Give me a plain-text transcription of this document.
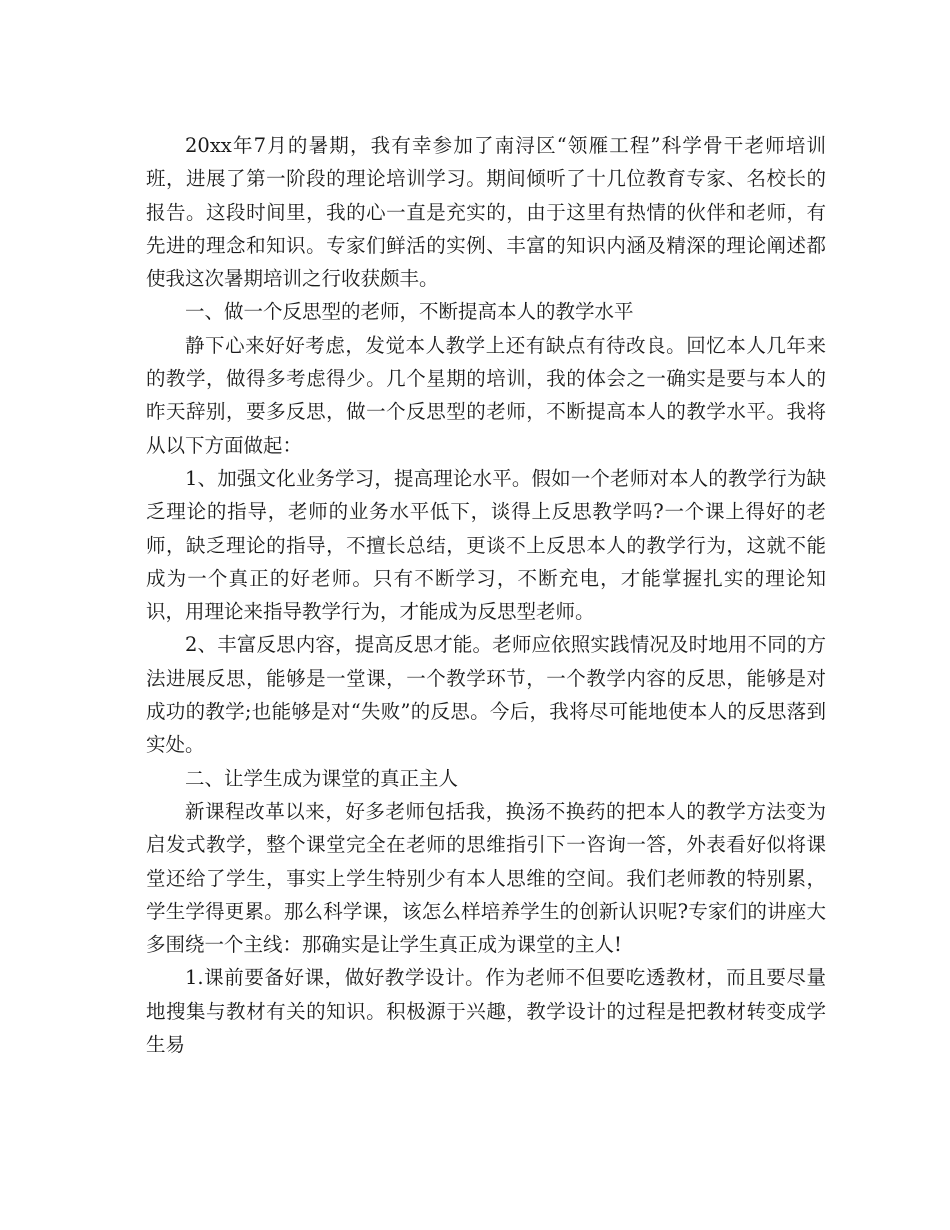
20xx年7月的暑期，我有幸参加了南浔区“领雁工程”科学骨干老师培训班，进展了第一阶段的理论培训学习。期间倾听了十几位教育专家、名校长的报告。这段时间里，我的心一直是充实的，由于这里有热情的伙伴和老师，有先进的理念和知识。专家们鲜活的实例、丰富的知识内涵及精深的理论阐述都使我这次暑期培训之行收获颇丰。

一、做一个反思型的老师，不断提高本人的教学水平

静下心来好好考虑，发觉本人教学上还有缺点有待改良。回忆本人几年来的教学，做得多考虑得少。几个星期的培训，我的体会之一确实是要与本人的昨天辞别，要多反思，做一个反思型的老师，不断提高本人的教学水平。我将从以下方面做起：

1、加强文化业务学习，提高理论水平。假如一个老师对本人的教学行为缺乏理论的指导，老师的业务水平低下，谈得上反思教学吗?一个课上得好的老师，缺乏理论的指导，不擅长总结，更谈不上反思本人的教学行为，这就不能成为一个真正的好老师。只有不断学习，不断充电，才能掌握扎实的理论知识，用理论来指导教学行为，才能成为反思型老师。

2、丰富反思内容，提高反思才能。老师应依照实践情况及时地用不同的方法进展反思，能够是一堂课，一个教学环节，一个教学内容的反思，能够是对成功的教学;也能够是对“失败”的反思。今后，我将尽可能地使本人的反思落到实处。

二、让学生成为课堂的真正主人

新课程改革以来，好多老师包括我，换汤不换药的把本人的教学方法变为启发式教学，整个课堂完全在老师的思维指引下一咨询一答，外表看好似将课堂还给了学生，事实上学生特别少有本人思维的空间。我们老师教的特别累，学生学得更累。那么科学课，该怎么样培养学生的创新认识呢?专家们的讲座大多围绕一个主线：那确实是让学生真正成为课堂的主人!

1.课前要备好课，做好教学设计。作为老师不但要吃透教材，而且要尽量地搜集与教材有关的知识。积极源于兴趣，教学设计的过程是把教材转变成学生易
